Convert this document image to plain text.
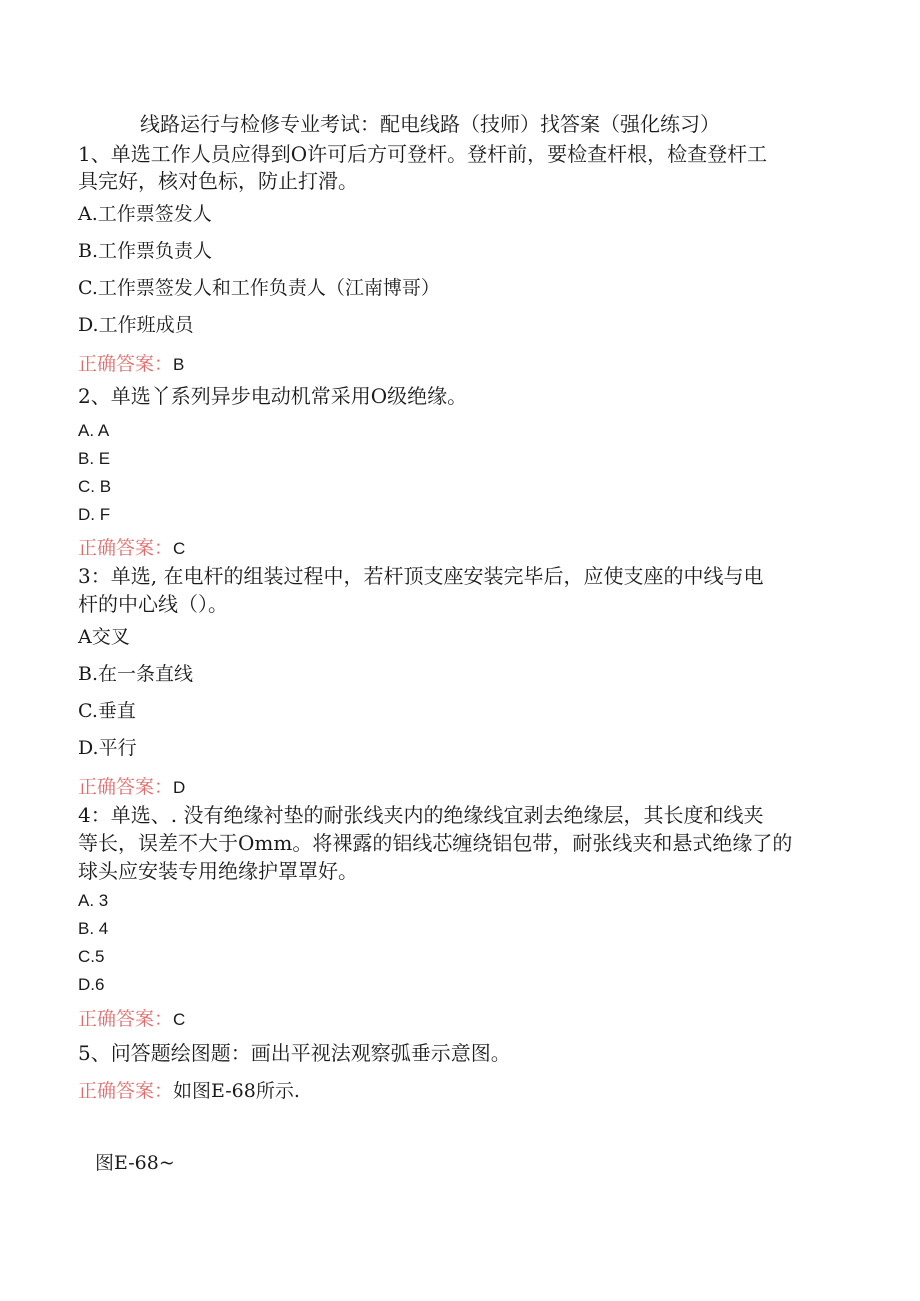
线路运行与检修专业考试：配电线路（技师）找答案（强化练习）
1、单选工作人员应得到O许可后方可登杆。登杆前，要检查杆根，检查登杆工
具完好，核对色标，防止打滑。
A.工作票签发人
B.工作票负责人
C.工作票签发人和工作负责人（江南博哥）
D.工作班成员
正确答案：B
2、单选丫系列异步电动机常采用O级绝缘。
A. A
B. E
C. B
D. F
正确答案：C
3：单选, 在电杆的组装过程中，若杆顶支座安装完毕后，应使支座的中线与电
杆的中心线（）。
A交叉
B.在一条直线
C.垂直
D.平行
正确答案：D
4：单选、. 没有绝缘衬垫的耐张线夹内的绝缘线宜剥去绝缘层，其长度和线夹
等长，误差不大于Omm。将裸露的铝线芯缠绕铝包带，耐张线夹和悬式绝缘了的
球头应安装专用绝缘护罩罩好。
A. 3
B. 4
C.5
D.6
正确答案：C
5、问答题绘图题：画出平视法观察弧垂示意图。
正确答案：如图E-68所示.
图E-68~
